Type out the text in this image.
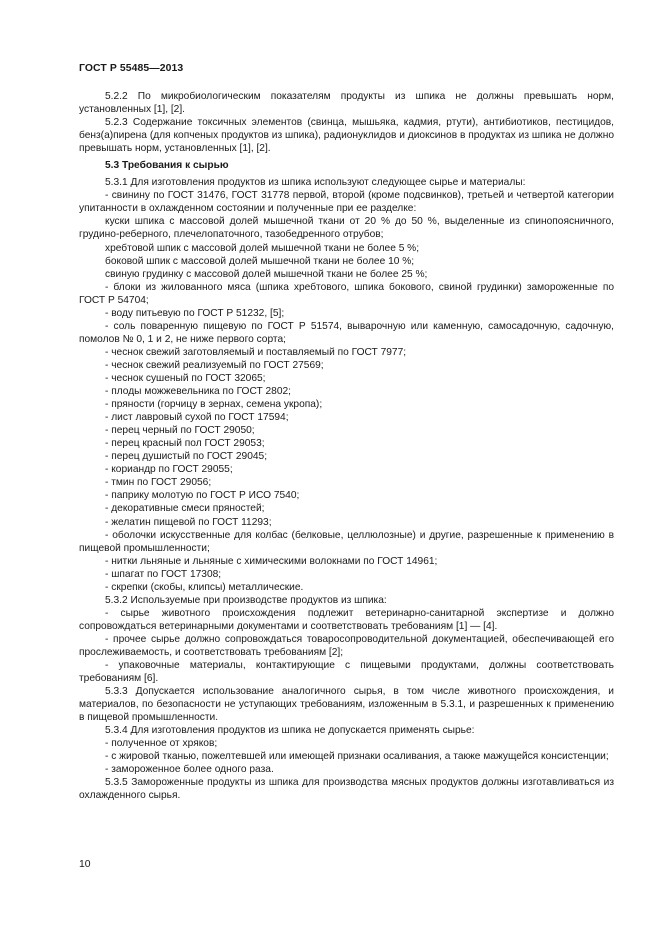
ГОСТ Р 55485—2013

5.2.2 По микробиологическим показателям продукты из шпика не должны превышать норм, установленных [1], [2].

5.2.3 Содержание токсичных элементов (свинца, мышьяка, кадмия, ртути), антибиотиков, пестицидов, бенз(а)пирена (для копченых продуктов из шпика), радионуклидов и диоксинов в продуктах из шпика не должно превышать норм, установленных [1], [2].

5.3 Требования к сырью

5.3.1 Для изготовления продуктов из шпика используют следующее сырье и материалы:

- свинину по ГОСТ 31476, ГОСТ 31778 первой, второй (кроме подсвинков), третьей и четвертой категории упитанности в охлажденном состоянии и полученные при ее разделке:

куски шпика с массовой долей мышечной ткани от 20 % до 50 %, выделенные из спинопоясничного, грудино-реберного, плечелопаточного, тазобедренного отрубов;

хребтовой шпик с массовой долей мышечной ткани не более 5 %;

боковой шпик с массовой долей мышечной ткани не более 10 %;

свиную грудинку с массовой долей мышечной ткани не более 25 %;

- блоки из жилованного мяса (шпика хребтового, шпика бокового, свиной грудинки) замороженные по ГОСТ Р 54704;

- воду питьевую по ГОСТ Р 51232, [5];

- соль поваренную пищевую по ГОСТ Р 51574, выварочную или каменную, самосадочную, садочную, помолов № 0, 1 и 2, не ниже первого сорта;

- чеснок свежий заготовляемый и поставляемый по ГОСТ 7977;

- чеснок свежий реализуемый по ГОСТ 27569;

- чеснок сушеный по ГОСТ 32065;

- плоды можжевельника по ГОСТ 2802;

- пряности (горчицу в зернах, семена укропа);

- лист лавровый сухой по ГОСТ 17594;

- перец черный по ГОСТ 29050;

- перец красный пол ГОСТ 29053;

- перец душистый по ГОСТ 29045;

- кориандр по ГОСТ 29055;

- тмин по ГОСТ 29056;

- паприку молотую по ГОСТ Р ИСО 7540;

- декоративные смеси пряностей;

- желатин пищевой по ГОСТ 11293;

- оболочки искусственные для колбас (белковые, целлюлозные) и другие, разрешенные к применению в пищевой промышленности;

- нитки льняные и льняные с химическими волокнами по ГОСТ 14961;

- шпагат по ГОСТ 17308;

- скрепки (скобы, клипсы) металлические.

5.3.2 Используемые при производстве продуктов из шпика:

- сырье животного происхождения подлежит ветеринарно-санитарной экспертизе и должно сопровождаться ветеринарными документами и соответствовать требованиям [1] — [4].

- прочее сырье должно сопровождаться товаросопроводительной документацией, обеспечивающей его прослеживаемость, и соответствовать требованиям [2];

- упаковочные материалы, контактирующие с пищевыми продуктами, должны соответствовать требованиям [6].

5.3.3 Допускается использование аналогичного сырья, в том числе животного происхождения, и материалов, по безопасности не уступающих требованиям, изложенным в 5.3.1, и разрешенных к применению в пищевой промышленности.

5.3.4 Для изготовления продуктов из шпика не допускается применять сырье:

- полученное от хряков;

- с жировой тканью, пожелтевшей или имеющей признаки осаливания, а также мажущейся консистенции;

- замороженное более одного раза.

5.3.5 Замороженные продукты из шпика для производства мясных продуктов должны изготавливаться из охлажденного сырья.

10
